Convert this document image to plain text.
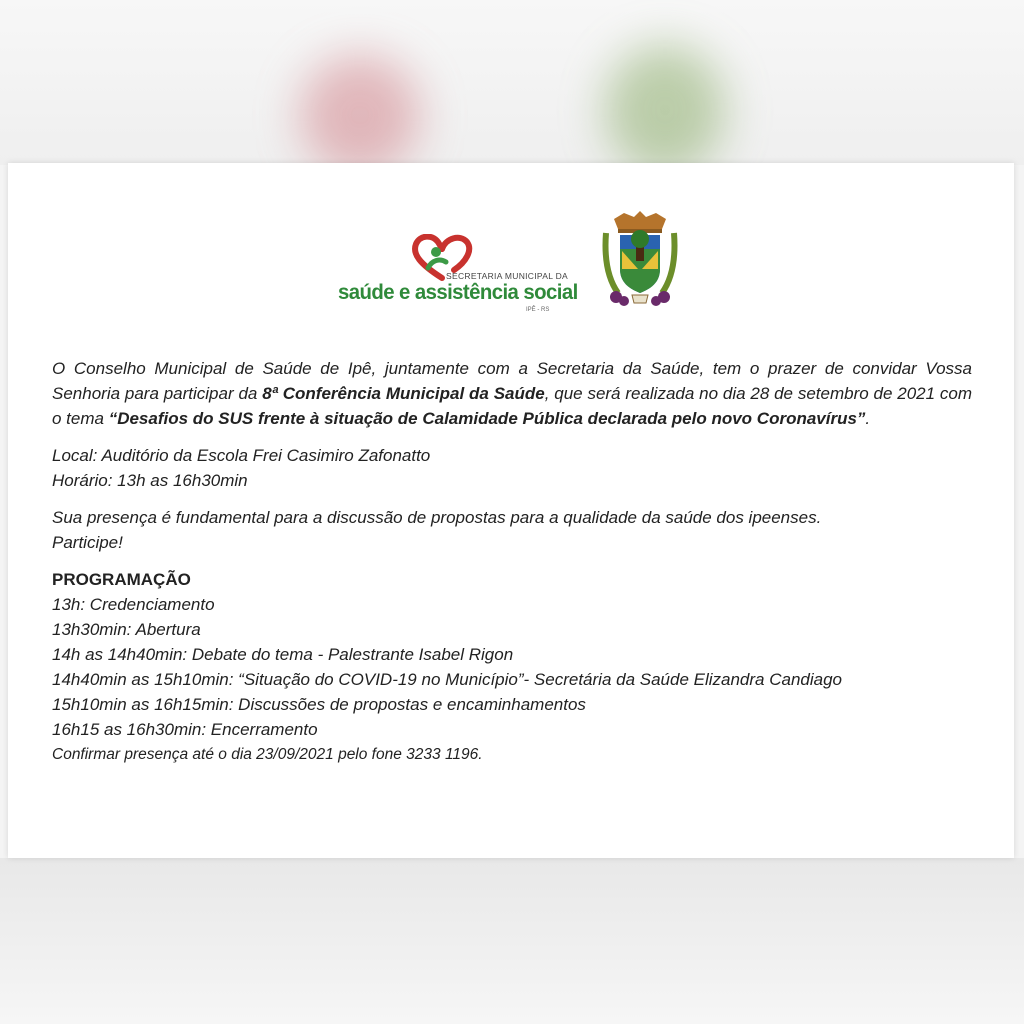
SECRETARIA MUNICIPAL DA
saúde e assistência social
IPÊ - RS

O Conselho Municipal de Saúde de Ipê, juntamente com a Secretaria da Saúde, tem o prazer de convidar Vossa Senhoria para participar da 8ª Conferência Municipal da Saúde, que será realizada no dia 28 de setembro de 2021 com o tema “Desafios do SUS frente à situação de Calamidade Pública declarada pelo novo Coronavírus”.

Local: Auditório da Escola Frei Casimiro Zafonatto

Horário: 13h as 16h30min

Sua presença é fundamental para a discussão de propostas para a qualidade da saúde dos ipeenses.

Participe!

PROGRAMAÇÃO

13h: Credenciamento

13h30min: Abertura

14h as 14h40min: Debate do tema - Palestrante Isabel Rigon

14h40min as 15h10min: “Situação do COVID-19 no Município”- Secretária da Saúde Elizandra Candiago

15h10min as 16h15min: Discussões de propostas e encaminhamentos

16h15 as 16h30min: Encerramento

Confirmar presença até o dia 23/09/2021 pelo fone 3233 1196.
